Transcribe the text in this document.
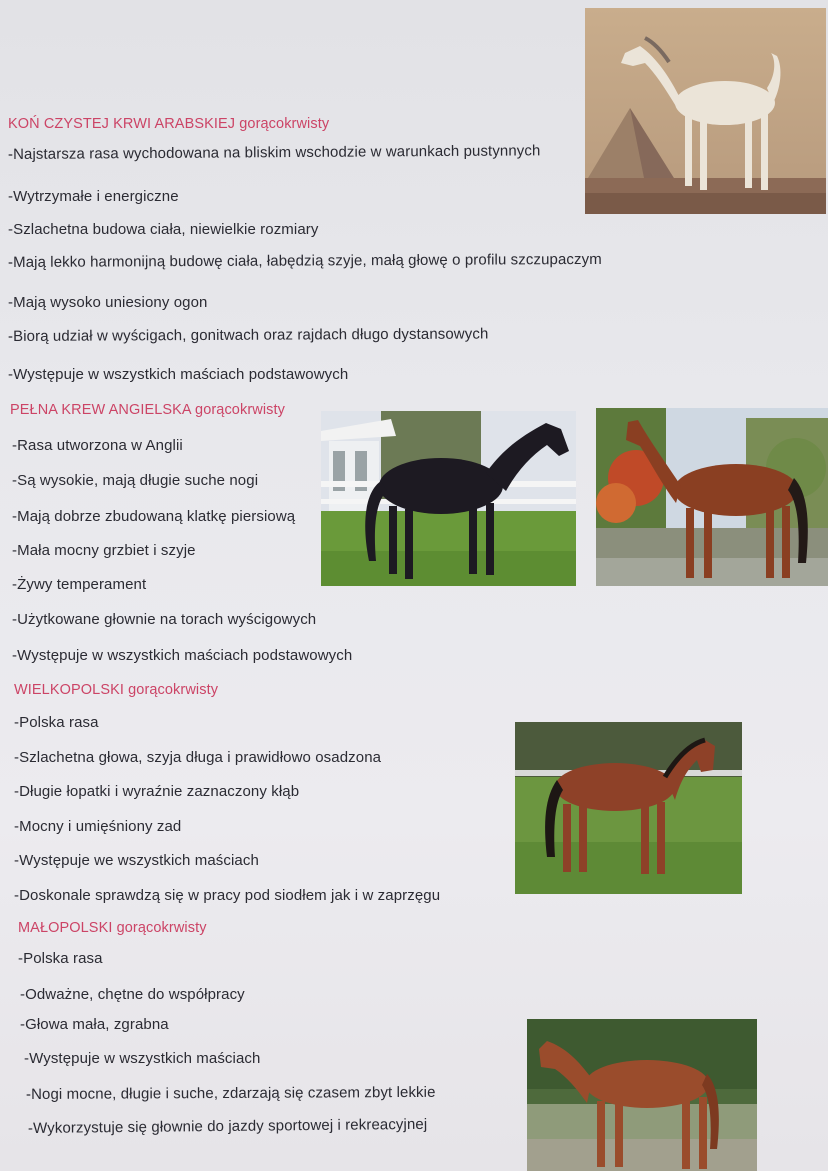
KOŃ CZYSTEJ KRWI ARABSKIEJ gorącokrwisty
-Najstarsza rasa wychodowana na bliskim wschodzie w warunkach pustynnych
-Wytrzymałe i energiczne
-Szlachetna budowa ciała, niewielkie rozmiary
-Mają lekko harmonijną budowę ciała, łabędzią szyje, małą głowę o profilu szczupaczym
-Mają wysoko uniesiony ogon
-Biorą udział w wyścigach, gonitwach oraz rajdach długo dystansowych
-Występuje w wszystkich maściach podstawowych
PEŁNA KREW ANGIELSKA gorącokrwisty
-Rasa utworzona w Anglii
-Są wysokie, mają długie suche nogi
-Mają dobrze zbudowaną klatkę piersiową
-Mała mocny grzbiet i szyje
-Żywy temperament
-Użytkowane głownie na torach wyścigowych
-Występuje w wszystkich maściach podstawowych
WIELKOPOLSKI gorącokrwisty
-Polska rasa
-Szlachetna głowa, szyja długa i prawidłowo osadzona
-Długie łopatki i wyraźnie zaznaczony kłąb
-Mocny i umięśniony zad
-Występuje we wszystkich maściach
-Doskonale sprawdzą się w pracy pod siodłem jak i w zaprzęgu
MAŁOPOLSKI gorącokrwisty
-Polska rasa
-Odważne, chętne do współpracy
-Głowa mała, zgrabna
-Występuje w wszystkich maściach
-Nogi mocne, długie i suche, zdarzają się czasem zbyt lekkie
-Wykorzystuje się głownie do jazdy sportowej i rekreacyjnej
